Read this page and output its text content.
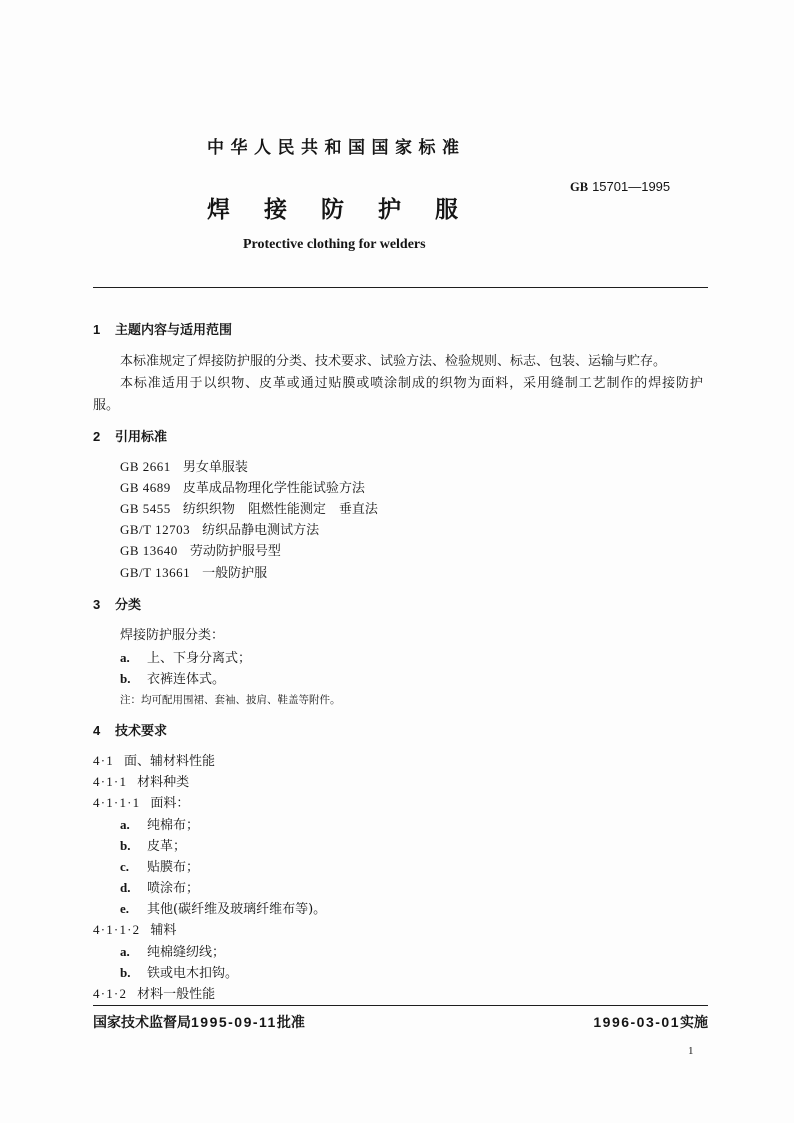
中华人民共和国国家标准
GB 15701—1995
焊接防护服
Protective clothing for welders
1 主题内容与适用范围
本标准规定了焊接防护服的分类、技术要求、试验方法、检验规则、标志、包装、运输与贮存。
本标准适用于以织物、皮革或通过贴膜或喷涂制成的织物为面料，采用缝制工艺制作的焊接防护
服。
2 引用标准
GB 2661 男女单服装
GB 4689 皮革成品物理化学性能试验方法
GB 5455 纺织织物　阻燃性能测定　垂直法
GB/T 12703 纺织品静电测试方法
GB 13640 劳动防护服号型
GB/T 13661 一般防护服
3 分类
焊接防护服分类：
a. 上、下身分离式；
b. 衣裤连体式。
注：均可配用围裙、套袖、披肩、鞋盖等附件。
4 技术要求
4·1 面、辅材料性能
4·1·1 材料种类
4·1·1·1 面料：
a. 纯棉布；
b. 皮革；
c. 贴膜布；
d. 喷涂布；
e. 其他(碳纤维及玻璃纤维布等)。
4·1·1·2 辅料
a. 纯棉缝纫线；
b. 铁或电木扣钩。
4·1·2 材料一般性能
国家技术监督局1995-09-11批准	1996-03-01实施
1
